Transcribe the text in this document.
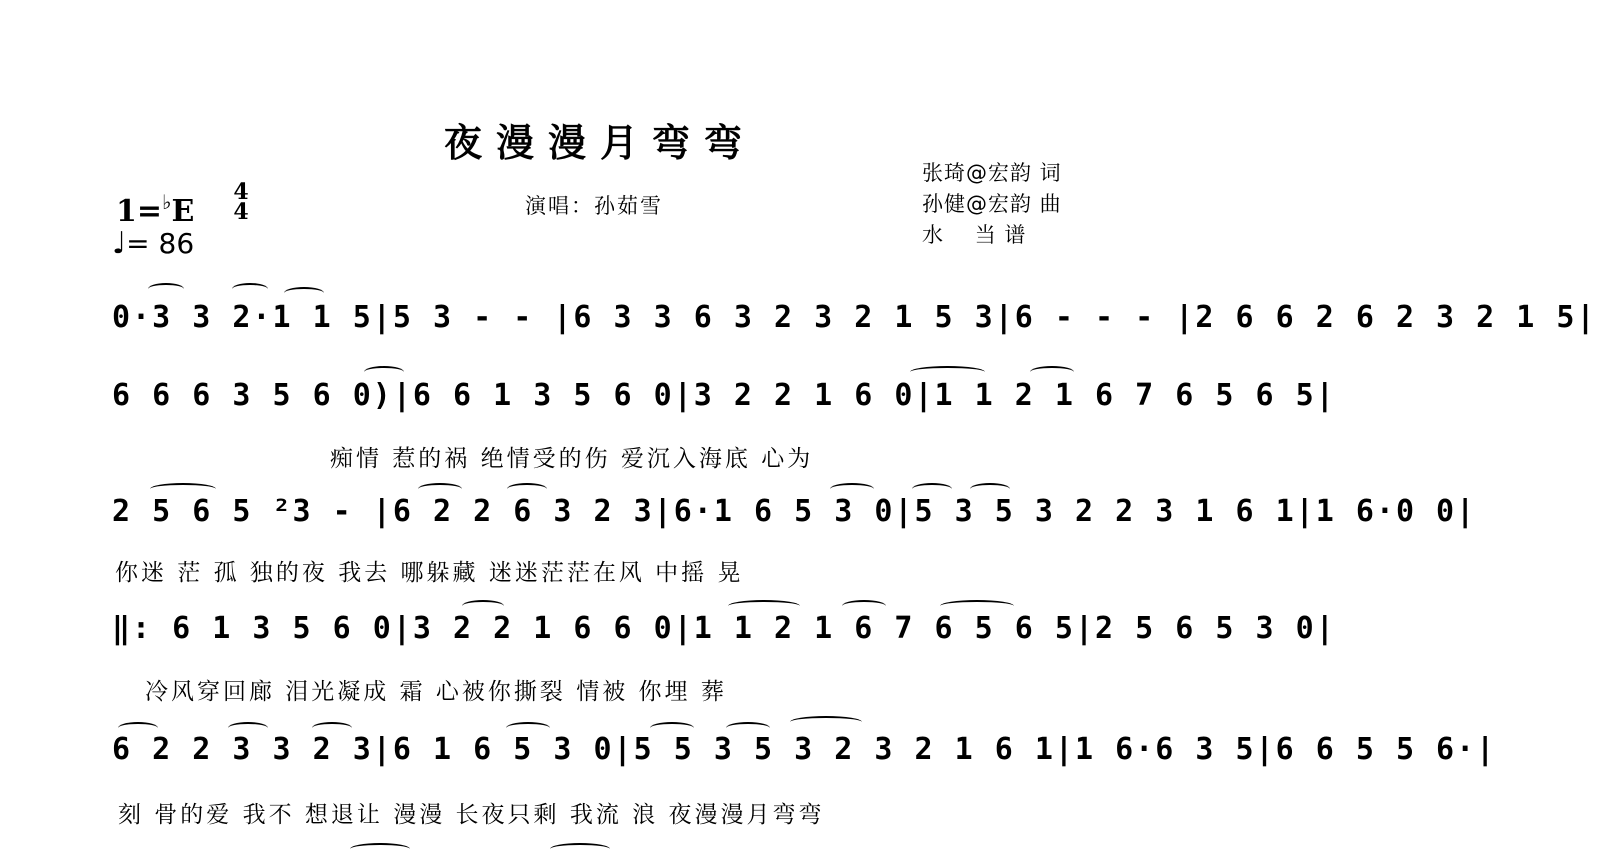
夜漫漫月弯弯
演唱：孙茹雪
张琦@宏韵 词
孙健@宏韵 曲
水    当 谱
1=♭E
4
4
♩= 86
0·3 3 2·1 1 5|5 3 - - |6 3 3 6 3 2 3 2 1 5 3|6 - - - |2 6 6 2 6 2 3 2 1 5|
6 6 6 3 5 6 0)|6 6 1 3 5 6 0|3 2 2 1 6 0|1 1 2 1 6 7 6 5 6 5|
痴情 惹的祸 绝情受的伤 爱沉入海底 心为
2 5 6 5 ²3 - |6 2 2 6 3 2 3|6·1 6 5 3 0|5 3 5 3 2 2 3 1 6 1|1 6·0 0|
你迷 茫 孤 独的夜 我去 哪躲藏 迷迷茫茫在风 中摇 晃
‖: 6 1 3 5 6 0|3 2 2 1 6 6 0|1 1 2 1 6 7 6 5 6 5|2 5 6 5 3 0|
冷风穿回廊 泪光凝成 霜 心被你撕裂 情被 你埋 葬
6 2 2 3 3 2 3|6 1 6 5 3 0|5 5 3 5 3 2 3 2 1 6 1|1 6·6 3 5|6 6 5 5 6·|
刻 骨的爱 我不 想退让 漫漫 长夜只剩 我流 浪 夜漫漫月弯弯
